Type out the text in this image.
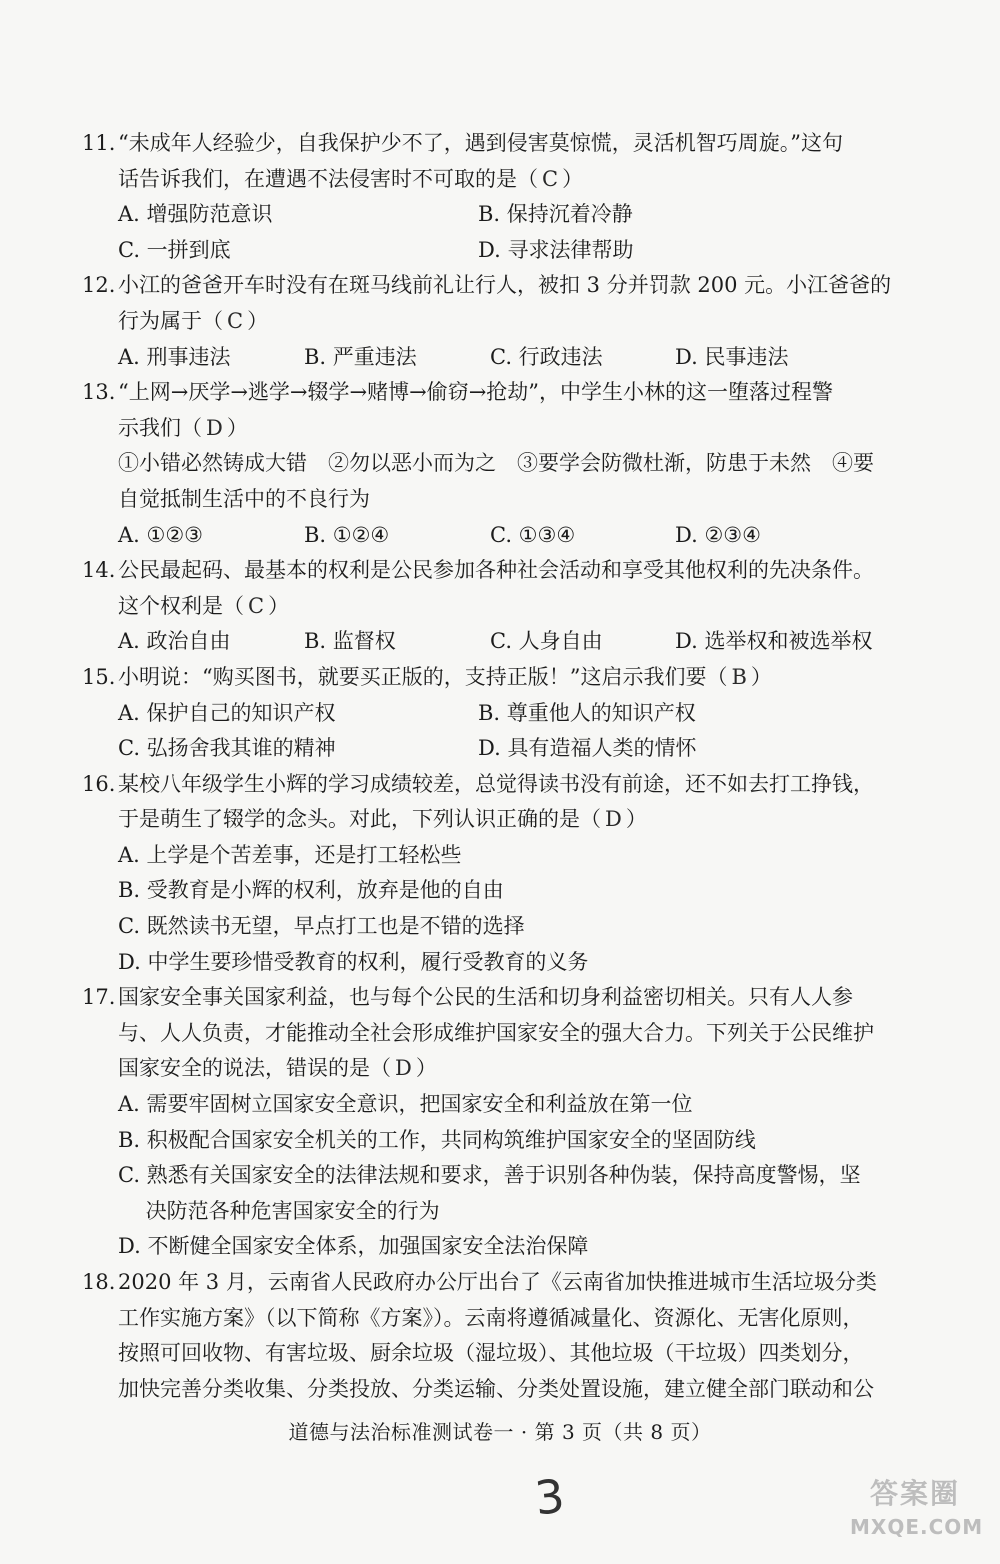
11. “未成年人经验少，自我保护少不了，遇到侵害莫惊慌，灵活机智巧周旋。”这句
话告诉我们，在遭遇不法侵害时不可取的是（ C ）
A. 增强防范意识	B. 保持沉着冷静
C. 一拼到底	D. 寻求法律帮助
12. 小江的爸爸开车时没有在斑马线前礼让行人，被扣 3 分并罚款 200 元。小江爸爸的
行为属于（ C ）
A. 刑事违法	B. 严重违法	C. 行政违法	D. 民事违法
13. “上网→厌学→逃学→辍学→赌博→偷窃→抢劫”，中学生小林的这一堕落过程警
示我们（ D ）
①小错必然铸成大错　②勿以恶小而为之　③要学会防微杜渐，防患于未然　④要
自觉抵制生活中的不良行为
A. ①②③	B. ①②④	C. ①③④	D. ②③④
14. 公民最起码、最基本的权利是公民参加各种社会活动和享受其他权利的先决条件。
这个权利是（ C ）
A. 政治自由	B. 监督权	C. 人身自由	D. 选举权和被选举权
15. 小明说：“购买图书，就要买正版的，支持正版！”这启示我们要（ B ）
A. 保护自己的知识产权	B. 尊重他人的知识产权
C. 弘扬舍我其谁的精神	D. 具有造福人类的情怀
16. 某校八年级学生小辉的学习成绩较差，总觉得读书没有前途，还不如去打工挣钱，
于是萌生了辍学的念头。对此，下列认识正确的是（ D ）
A. 上学是个苦差事，还是打工轻松些
B. 受教育是小辉的权利，放弃是他的自由
C. 既然读书无望，早点打工也是不错的选择
D. 中学生要珍惜受教育的权利，履行受教育的义务
17. 国家安全事关国家利益，也与每个公民的生活和切身利益密切相关。只有人人参
与、人人负责，才能推动全社会形成维护国家安全的强大合力。下列关于公民维护
国家安全的说法，错误的是（ D ）
A. 需要牢固树立国家安全意识，把国家安全和利益放在第一位
B. 积极配合国家安全机关的工作，共同构筑维护国家安全的坚固防线
C. 熟悉有关国家安全的法律法规和要求，善于识别各种伪装，保持高度警惕，坚
　 决防范各种危害国家安全的行为
D. 不断健全国家安全体系，加强国家安全法治保障
18. 2020 年 3 月，云南省人民政府办公厅出台了《云南省加快推进城市生活垃圾分类
工作实施方案》（以下简称《方案》）。云南将遵循减量化、资源化、无害化原则，
按照可回收物、有害垃圾、厨余垃圾（湿垃圾）、其他垃圾（干垃圾）四类划分，
加快完善分类收集、分类投放、分类运输、分类处置设施，建立健全部门联动和公
道德与法治标准测试卷一 · 第 3 页（共 8 页）
3	答案圈
MXQE.COM
